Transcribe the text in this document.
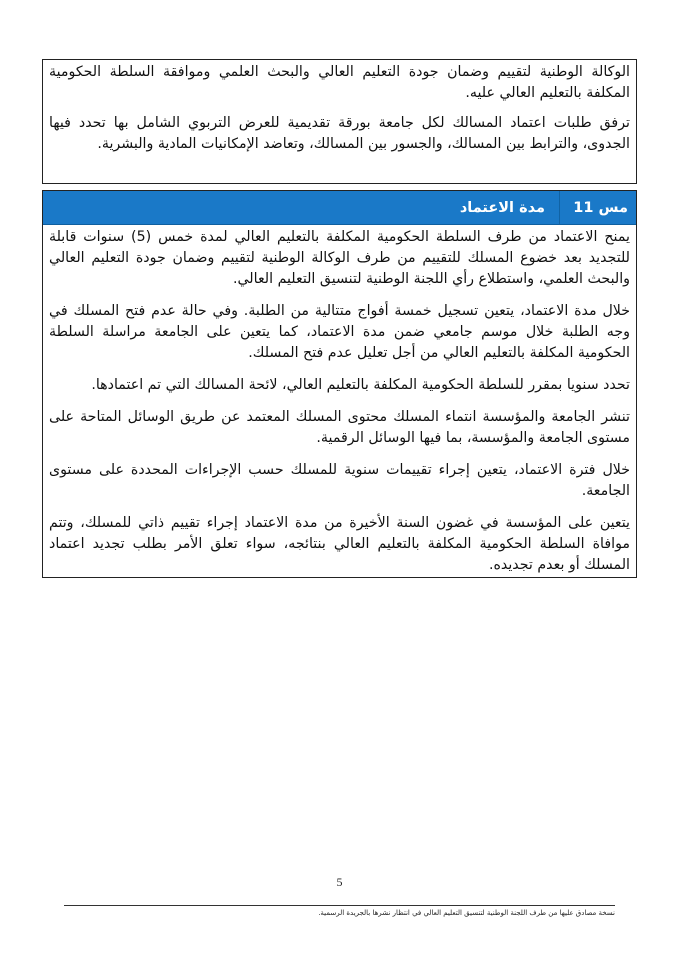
الوكالة الوطنية لتقييم وضمان جودة التعليم العالي والبحث العلمي وموافقة السلطة الحكومية المكلفة بالتعليم العالي عليه.

ترفق طلبات اعتماد المسالك لكل جامعة بورقة تقديمية للعرض التربوي الشامل بها تحدد فيها الجدوى، والترابط بين المسالك، والجسور بين المسالك، وتعاضد الإمكانيات المادية والبشرية.

مس 11
مدة الاعتماد

يمنح الاعتماد من طرف السلطة الحكومية المكلفة بالتعليم العالي لمدة خمس (5) سنوات قابلة للتجديد بعد خضوع المسلك للتقييم من طرف الوكالة الوطنية لتقييم وضمان جودة التعليم العالي والبحث العلمي، واستطلاع رأي اللجنة الوطنية لتنسيق التعليم العالي.

خلال مدة الاعتماد، يتعين تسجيل خمسة أفواج متتالية من الطلبة. وفي حالة عدم فتح المسلك في وجه الطلبة خلال موسم جامعي ضمن مدة الاعتماد، كما يتعين على الجامعة مراسلة السلطة الحكومية المكلفة بالتعليم العالي من أجل تعليل عدم فتح المسلك.

تحدد سنويا بمقرر للسلطة الحكومية المكلفة بالتعليم العالي، لائحة المسالك التي تم اعتمادها.

تنشر الجامعة والمؤسسة انتماء المسلك محتوى المسلك المعتمد عن طريق الوسائل المتاحة على مستوى الجامعة والمؤسسة، بما فيها الوسائل الرقمية.

خلال فترة الاعتماد، يتعين إجراء تقييمات سنوية للمسلك حسب الإجراءات المحددة على مستوى الجامعة.

يتعين على المؤسسة في غضون السنة الأخيرة من مدة الاعتماد إجراء تقييم ذاتي للمسلك، وتتم موافاة السلطة الحكومية المكلفة بالتعليم العالي بنتائجه، سواء تعلق الأمر بطلب تجديد اعتماد المسلك أو بعدم تجديده.

5
نسخة مصادق عليها من طرف اللجنة الوطنية لتنسيق التعليم العالي في انتظار نشرها بالجريدة الرسمية.
